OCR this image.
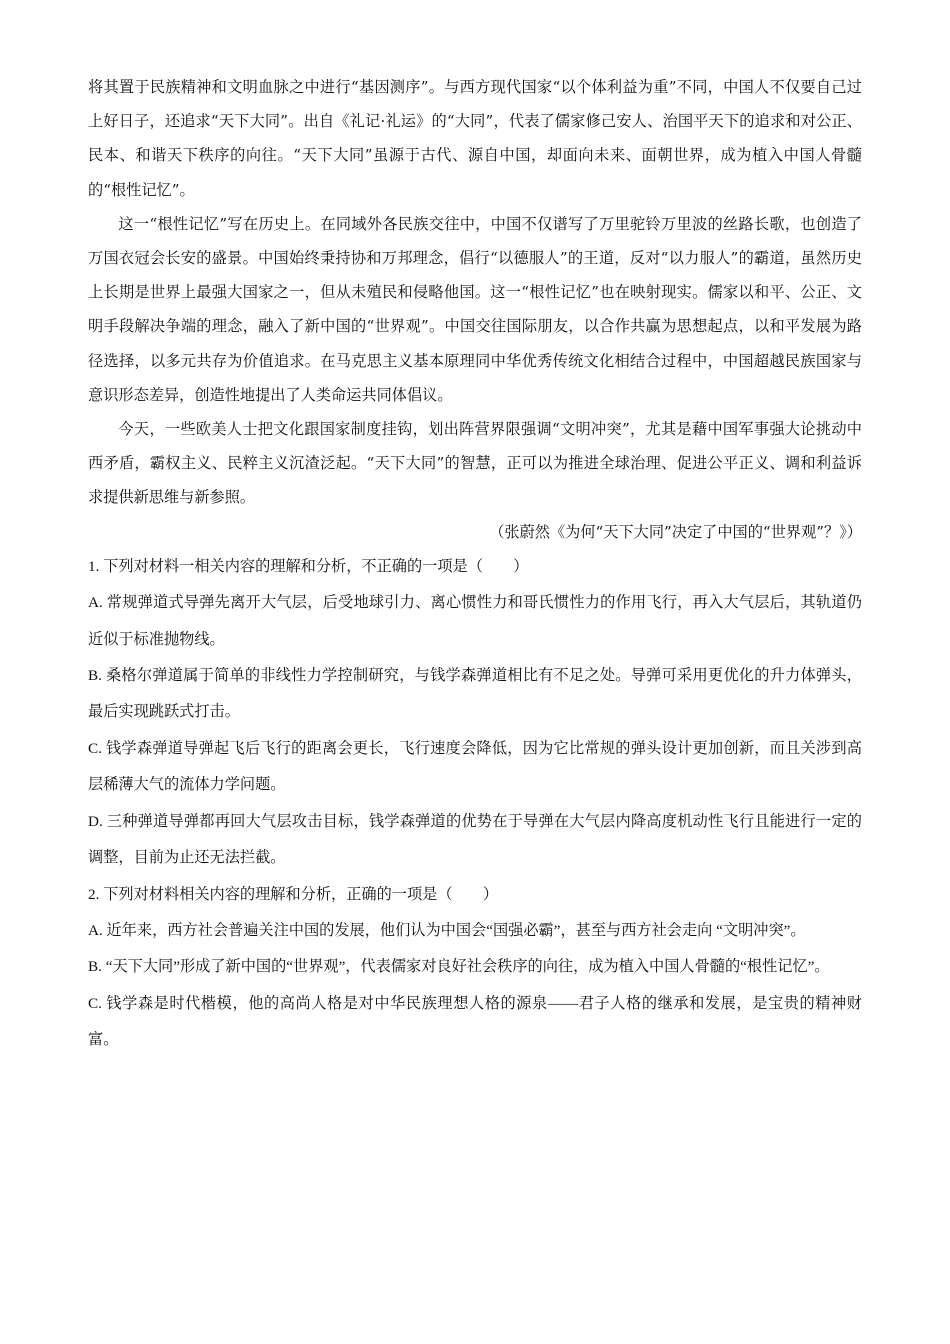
将其置于民族精神和文明血脉之中进行“基因测序”。与西方现代国家“以个体利益为重”不同，中国人不仅要自己过上好日子，还追求“天下大同”。出自《礼记·礼运》的“大同”，代表了儒家修己安人、治国平天下的追求和对公正、民本、和谐天下秩序的向往。“天下大同”虽源于古代、源自中国，却面向未来、面朝世界，成为植入中国人骨髓的“根性记忆”。

这一“根性记忆”写在历史上。在同域外各民族交往中，中国不仅谱写了万里驼铃万里波的丝路长歌，也创造了万国衣冠会长安的盛景。中国始终秉持协和万邦理念，倡行“以德服人”的王道，反对“以力服人”的霸道，虽然历史上长期是世界上最强大国家之一，但从未殖民和侵略他国。这一“根性记忆”也在映射现实。儒家以和平、公正、文明手段解决争端的理念，融入了新中国的“世界观”。中国交往国际朋友，以合作共赢为思想起点，以和平发展为路径选择，以多元共存为价值追求。在马克思主义基本原理同中华优秀传统文化相结合过程中，中国超越民族国家与意识形态差异，创造性地提出了人类命运共同体倡议。

今天，一些欧美人士把文化跟国家制度挂钩，划出阵营界限强调“文明冲突”，尤其是藉中国军事强大论挑动中西矛盾，霸权主义、民粹主义沉渣泛起。“天下大同”的智慧，正可以为推进全球治理、促进公平正义、调和利益诉求提供新思维与新参照。

（张蔚然《为何“天下大同”决定了中国的“世界观”？》）

1. 下列对材料一相关内容的理解和分析，不正确的一项是（　　）

A. 常规弹道式导弹先离开大气层，后受地球引力、离心惯性力和哥氏惯性力的作用飞行，再入大气层后，其轨道仍近似于标准抛物线。

B. 桑格尔弹道属于简单的非线性力学控制研究，与钱学森弹道相比有不足之处。导弹可采用更优化的升力体弹头，最后实现跳跃式打击。

C. 钱学森弹道导弹起飞后飞行的距离会更长，飞行速度会降低，因为它比常规的弹头设计更加创新，而且关涉到高层稀薄大气的流体力学问题。

D. 三种弹道导弹都再回大气层攻击目标，钱学森弹道的优势在于导弹在大气层内降高度机动性飞行且能进行一定的调整，目前为止还无法拦截。

2. 下列对材料相关内容的理解和分析，正确的一项是（　　）

A. 近年来，西方社会普遍关注中国的发展，他们认为中国会“国强必霸”，甚至与西方社会走向 “文明冲突”。

B. “天下大同”形成了新中国的“世界观”，代表儒家对良好社会秩序的向往，成为植入中国人骨髓的“根性记忆”。

C. 钱学森是时代楷模，他的高尚人格是对中华民族理想人格的源泉——君子人格的继承和发展，是宝贵的精神财富。
